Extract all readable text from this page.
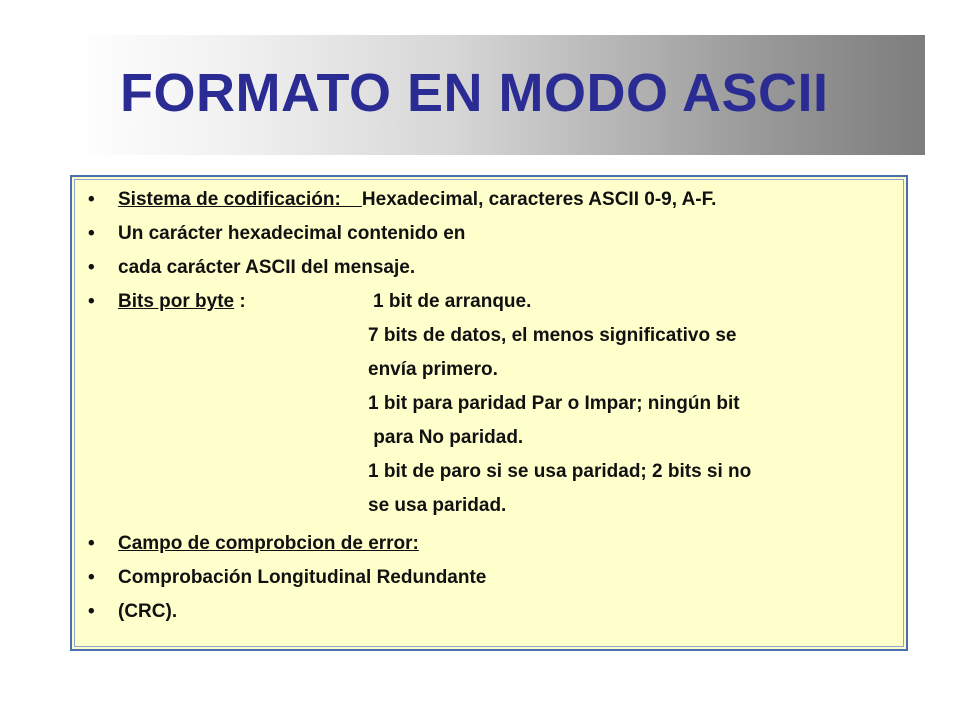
FORMATO EN MODO ASCII
• Sistema de codificación:    Hexadecimal, caracteres ASCII 0-9, A-F.
• Un carácter hexadecimal contenido en
• cada carácter ASCII del mensaje.
• Bits por byte :	1 bit de arranque.
7 bits de datos, el menos significativo se
envía primero.
1 bit para paridad Par o Impar; ningún bit
para No paridad.
1 bit de paro si se usa paridad; 2 bits si no
se usa paridad.
• Campo de comprobcion de error:
• Comprobación Longitudinal Redundante
• (CRC).
